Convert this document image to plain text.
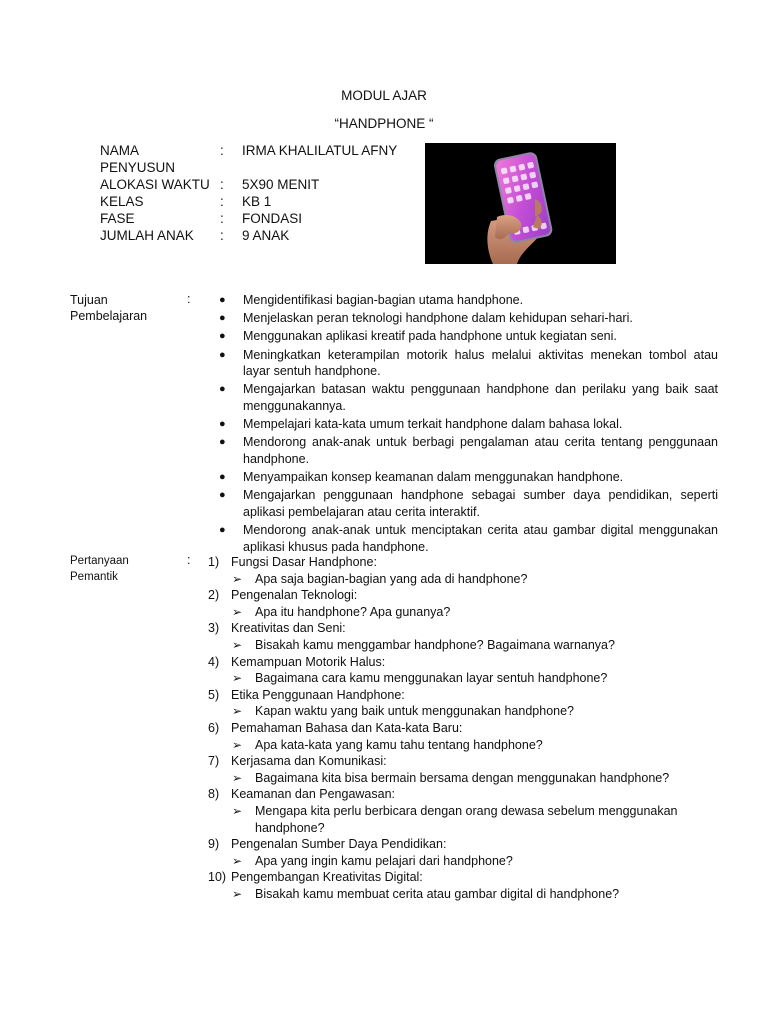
MODUL AJAR
“HANDPHONE “
NAMA	: IRMA KHALILATUL AFNY
PENYUSUN
ALOKASI WAKTU : 5X90 MENIT
KELAS	: KB 1
FASE	: FONDASI
JUMLAH ANAK : 9 ANAK
Tujuan
Pembelajaran
:	● Mengidentifikasi bagian-bagian utama handphone.
● Menjelaskan peran teknologi handphone dalam kehidupan sehari-hari.
● Menggunakan aplikasi kreatif pada handphone untuk kegiatan seni.
● Meningkatkan keterampilan motorik halus melalui aktivitas menekan tombol atau layar sentuh handphone.
● Mengajarkan batasan waktu penggunaan handphone dan perilaku yang baik saat menggunakannya.
● Mempelajari kata-kata umum terkait handphone dalam bahasa lokal.
● Mendorong anak-anak untuk berbagi pengalaman atau cerita tentang penggunaan handphone.
● Menyampaikan konsep keamanan dalam menggunakan handphone.
● Mengajarkan penggunaan handphone sebagai sumber daya pendidikan, seperti aplikasi pembelajaran atau cerita interaktif.
● Mendorong anak-anak untuk menciptakan cerita atau gambar digital menggunakan aplikasi khusus pada handphone.
Pertanyaan
Pemantik
: 1) Fungsi Dasar Handphone:
➢ Apa saja bagian-bagian yang ada di handphone?
2) Pengenalan Teknologi:
➢ Apa itu handphone? Apa gunanya?
3) Kreativitas dan Seni:
➢ Bisakah kamu menggambar handphone? Bagaimana warnanya?
4) Kemampuan Motorik Halus:
➢ Bagaimana cara kamu menggunakan layar sentuh handphone?
5) Etika Penggunaan Handphone:
➢ Kapan waktu yang baik untuk menggunakan handphone?
6) Pemahaman Bahasa dan Kata-kata Baru:
➢ Apa kata-kata yang kamu tahu tentang handphone?
7) Kerjasama dan Komunikasi:
➢ Bagaimana kita bisa bermain bersama dengan menggunakan handphone?
8) Keamanan dan Pengawasan:
➢ Mengapa kita perlu berbicara dengan orang dewasa sebelum menggunakan handphone?
9) Pengenalan Sumber Daya Pendidikan:
➢ Apa yang ingin kamu pelajari dari handphone?
10) Pengembangan Kreativitas Digital:
➢ Bisakah kamu membuat cerita atau gambar digital di handphone?
